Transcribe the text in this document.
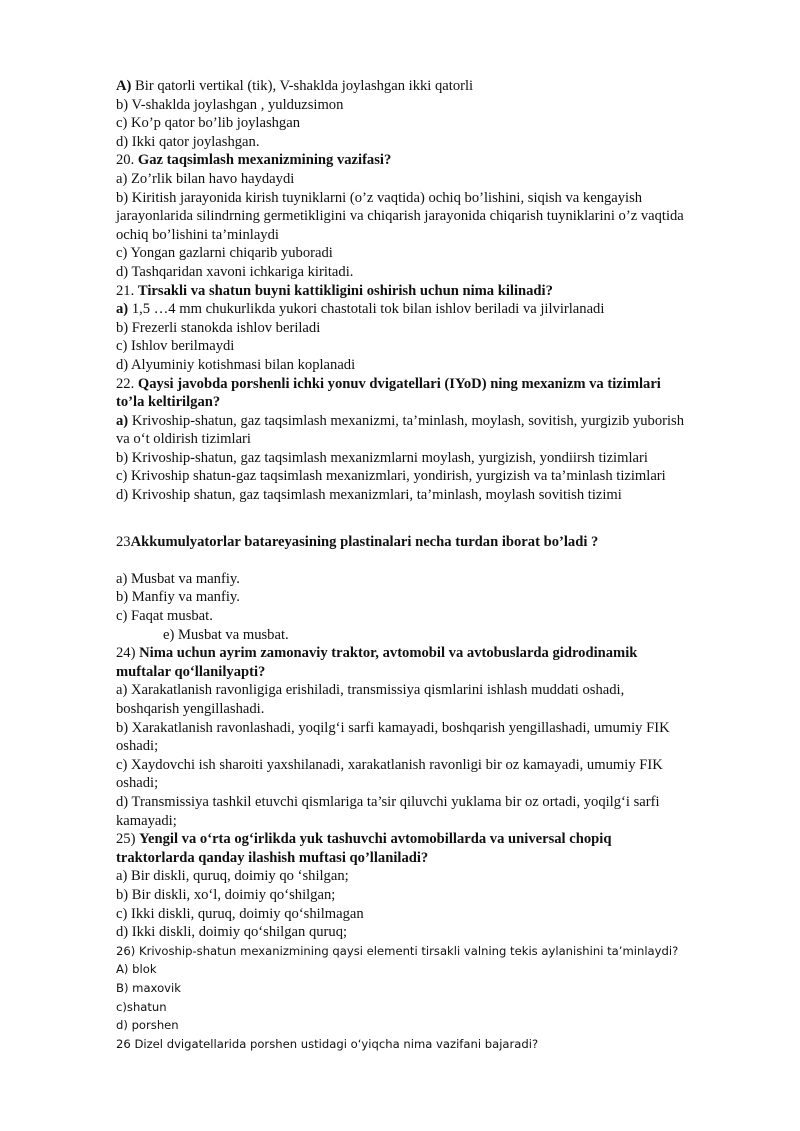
A) Bir qatorli vertikal (tik), V-shaklda joylashgan ikki qatorli

b) V-shaklda joylashgan , yulduzsimon

c) Ko’p qator bo’lib joylashgan

d) Ikki qator joylashgan.

20. Gaz taqsimlash mexanizmining vazifasi?

a) Zo’rlik bilan havo haydaydi

b) Kiritish jarayonida kirish tuyniklarni (o’z vaqtida) ochiq bo’lishini, siqish va kengayish

jarayonlarida silindrning germetikligini va chiqarish jarayonida chiqarish tuyniklarini o’z vaqtida

ochiq bo’lishini ta’minlaydi

c) Yongan gazlarni chiqarib yuboradi

d) Tashqaridan xavoni ichkariga kiritadi.

21. Tirsakli va shatun buyni kattikligini oshirish uchun nima kilinadi?

a) 1,5 …4 mm chukurlikda yukori chastotali tok bilan ishlov beriladi va jilvirlanadi

b) Frezerli stanokda ishlov beriladi

c) Ishlov berilmaydi

d) Alyuminiy kotishmasi bilan koplanadi

22. Qaysi javobda porshenli ichki yonuv dvigatellari (IYoD) ning mexanizm va tizimlari

to’la keltirilgan?

a) Krivoship-shatun, gaz taqsimlash mexanizmi, ta’minlash, moylash, sovitish, yurgizib yuborish

va o‘t oldirish tizimlari

b) Krivoship-shatun, gaz taqsimlash mexanizmlarni moylash, yurgizish, yondiirsh tizimlari

c) Krivoship shatun-gaz taqsimlash mexanizmlari, yondirish, yurgizish va ta’minlash tizimlari

d) Krivoship shatun, gaz taqsimlash mexanizmlari, ta’minlash, moylash sovitish tizimi

23Akkumulyatorlar batareyasining plastinalari necha turdan iborat bo’ladi ?

a) Musbat va manfiy.

b) Manfiy va manfiy.

c) Faqat musbat.

e) Musbat va musbat.

24) Nima uchun ayrim zamonaviy traktor, avtomobil va avtobuslarda gidrodinamik

muftalar qo‘llanilyapti?

a) Xarakatlanish ravonligiga erishiladi, transmissiya qismlarini ishlash muddati oshadi,

boshqarish yengillashadi.

b) Xarakatlanish ravonlashadi, yoqilg‘i sarfi kamayadi, boshqarish yengillashadi, umumiy FIK

oshadi;

c) Xaydovchi ish sharoiti yaxshilanadi, xarakatlanish ravonligi bir oz kamayadi, umumiy FIK

oshadi;

d) Transmissiya tashkil etuvchi qismlariga ta’sir qiluvchi yuklama bir oz ortadi, yoqilg‘i sarfi

kamayadi;

25) Yengil va o‘rta og‘irlikda yuk tashuvchi avtomobillarda va universal chopiq

traktorlarda qanday ilashish muftasi qo’llaniladi?

a) Bir diskli, quruq, doimiy qo ‘shilgan;

b) Bir diskli, xo‘l, doimiy qo‘shilgan;

c) Ikki diskli, quruq, doimiy qo‘shilmagan

d) Ikki diskli, doimiy qo‘shilgan quruq;

26) Krivoship-shatun mexanizmining qaysi elementi tirsakli valning tekis aylanishini ta’minlaydi?

A) blok

B) maxovik

c)shatun

d) porshen

26 Dizel dvigatellarida porshen ustidagi o‘yiqcha nima vazifani bajaradi?
